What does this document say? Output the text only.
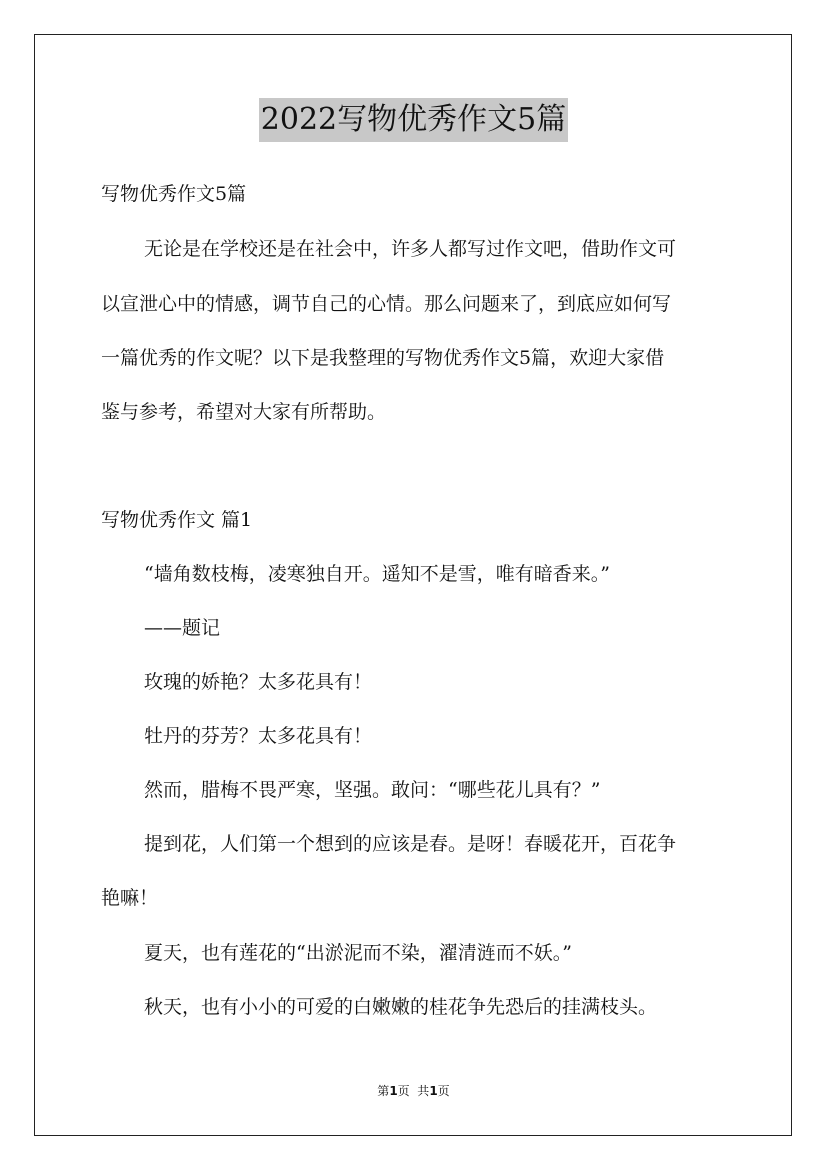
2022写物优秀作文5篇
写物优秀作文5篇
无论是在学校还是在社会中，许多人都写过作文吧，借助作文可
以宣泄心中的情感，调节自己的心情。那么问题来了，到底应如何写
一篇优秀的作文呢？以下是我整理的写物优秀作文5篇，欢迎大家借
鉴与参考，希望对大家有所帮助。
写物优秀作文 篇1
“墙角数枝梅，凌寒独自开。遥知不是雪，唯有暗香来。”
——题记
玫瑰的娇艳？太多花具有！
牡丹的芬芳？太多花具有！
然而，腊梅不畏严寒，坚强。敢问：“哪些花儿具有？”
提到花，人们第一个想到的应该是春。是呀！春暖花开，百花争
艳嘛！
夏天，也有莲花的“出淤泥而不染，濯清涟而不妖。”
秋天，也有小小的可爱的白嫩嫩的桂花争先恐后的挂满枝头。
第1页  共1页
